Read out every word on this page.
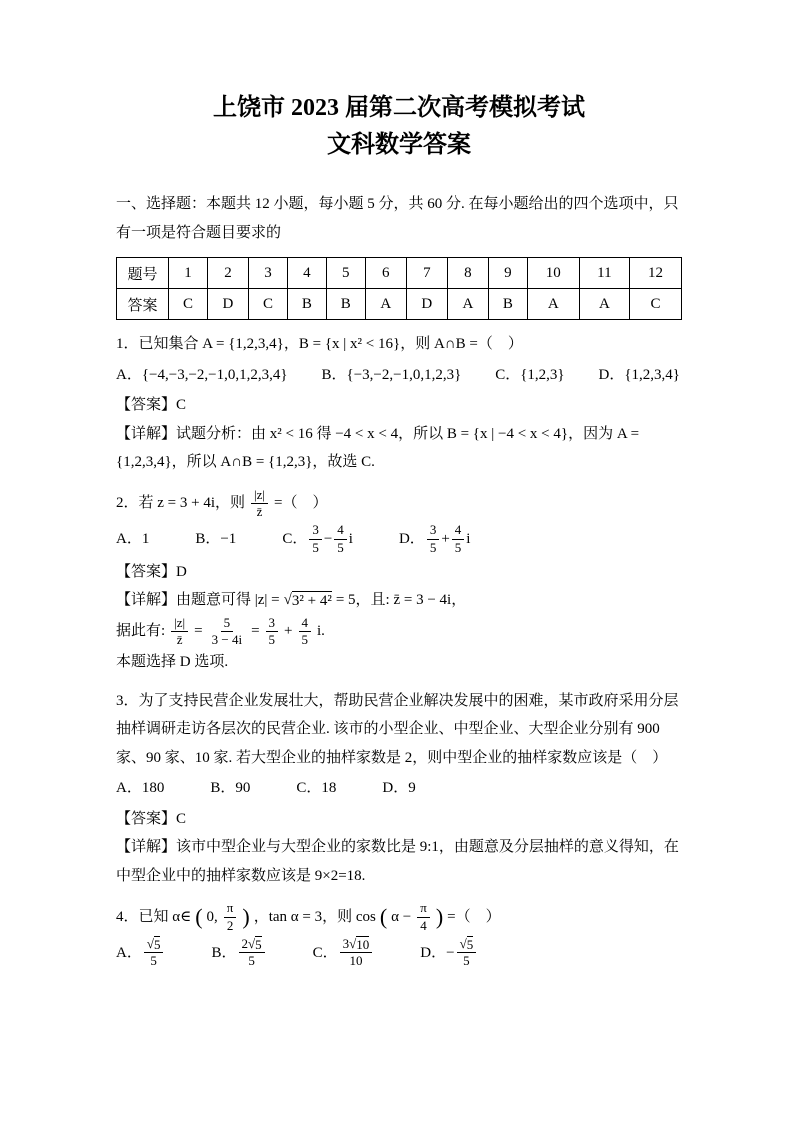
上饶市 2023 届第二次高考模拟考试
文科数学答案

一、选择题：本题共 12 小题，每小题 5 分，共 60 分. 在每小题给出的四个选项中，只有一项是符合题目要求的

题号	1	2	3	4	5	6	7	8	9	10	11	12
答案	C	D	C	B	B	A	D	A	B	A	A	C

1．已知集合 A = {1,2,3,4}，B = {x | x² < 16}，则 A∩B =（　）

A．{−4,−3,−2,−1,0,1,2,3,4} B．{−3,−2,−1,0,1,2,3} C．{1,2,3} D．{1,2,3,4}

【答案】C

【详解】试题分析：由 x² < 16 得 −4 < x < 4，所以 B = {x | −4 < x < 4}，因为 A = {1,2,3,4}，所以 A∩B = {1,2,3}，故选 C.

2．若 z = 3 + 4i，则 $\frac{|z|}{z̄}$ =（　）
A．1	B．−1	C． $\frac{3}{5} - \frac{4}{5}$ i	D． $\frac{3}{5} + \frac{4}{5}$ i

【答案】D

【详解】由题意可得 |z| = √ 3² + 4² = 5，且: z̄ = 3 − 4i，
据此有: $\frac{|z|}{z̄} = \frac{5}{3 - 4i} = \frac{3}{5} + \frac{4}{5} i$.

本题选择 D 选项.

3．为了支持民营企业发展壮大，帮助民营企业解决发展中的困难，某市政府采用分层抽样调研走访各层次的民营企业. 该市的小型企业、中型企业、大型企业分别有 900 家、90 家、10 家. 若大型企业的抽样家数是 2，则中型企业的抽样家数应该是（　）

A．180	B．90	C．18	D．9

【答案】C

【详解】该市中型企业与大型企业的家数比是 9:1，由题意及分层抽样的意义得知，在中型企业中的抽样家数应该是 9×2=18.

4．已知 α∈ ( 0, $\frac{\pi}{2}$ ) ，tan α = 3，则 cos ( $\alpha - \frac{\pi}{4}$ ) =（　）
A． $\frac{√ 5}{5}$	B． $\frac{2 √ 5}{5}$	C． $\frac{3 √ 10}{10}$	D． − $\frac{√ 5}{5}$
